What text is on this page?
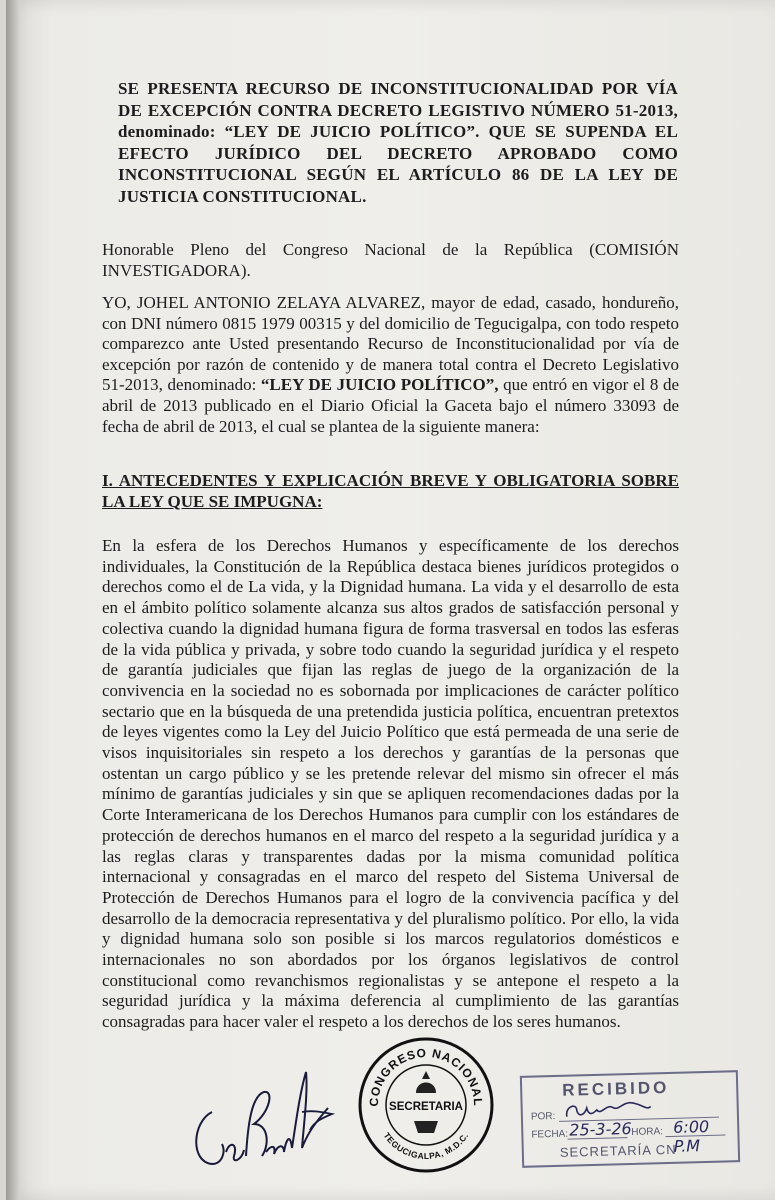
SE PRESENTA RECURSO DE INCONSTITUCIONALIDAD POR VÍA DE EXCEPCIÓN CONTRA DECRETO LEGISTIVO NÚMERO 51-2013, denominado: “LEY DE JUICIO POLÍTICO”. QUE SE SUPENDA EL EFECTO JURÍDICO DEL DECRETO APROBADO COMO INCONSTITUCIONAL SEGÚN EL ARTÍCULO 86 DE LA LEY DE JUSTICIA CONSTITUCIONAL.
Honorable Pleno del Congreso Nacional de la República (COMISIÓN INVESTIGADORA).
YO, JOHEL ANTONIO ZELAYA ALVAREZ, mayor de edad, casado, hondureño, con DNI número 0815 1979 00315 y del domicilio de Tegucigalpa, con todo respeto comparezco ante Usted presentando Recurso de Inconstitucionalidad por vía de excepción por razón de contenido y de manera total contra el Decreto Legislativo 51-2013, denominado: “LEY DE JUICIO POLÍTICO”, que entró en vigor el 8 de abril de 2013 publicado en el Diario Oficial la Gaceta bajo el número 33093 de fecha de abril de 2013, el cual se plantea de la siguiente manera:
I. ANTECEDENTES Y EXPLICACIÓN BREVE Y OBLIGATORIA SOBRE LA LEY QUE SE IMPUGNA:
En la esfera de los Derechos Humanos y específicamente de los derechos individuales, la Constitución de la República destaca bienes jurídicos protegidos o derechos como el de La vida, y la Dignidad humana. La vida y el desarrollo de esta en el ámbito político solamente alcanza sus altos grados de satisfacción personal y colectiva cuando la dignidad humana figura de forma trasversal en todos las esferas de la vida pública y privada, y sobre todo cuando la seguridad jurídica y el respeto de garantía judiciales que fijan las reglas de juego de la organización de la convivencia en la sociedad no es sobornada por implicaciones de carácter político sectario que en la búsqueda de una pretendida justicia política, encuentran pretextos de leyes vigentes como la Ley del Juicio Político que está permeada de una serie de visos inquisitoriales sin respeto a los derechos y garantías de la personas que ostentan un cargo público y se les pretende relevar del mismo sin ofrecer el más mínimo de garantías judiciales y sin que se apliquen recomendaciones dadas por la Corte Interamericana de los Derechos Humanos para cumplir con los estándares de protección de derechos humanos en el marco del respeto a la seguridad jurídica y a las reglas claras y transparentes dadas por la misma comunidad política internacional y consagradas en el marco del respeto del Sistema Universal de Protección de Derechos Humanos para el logro de la convivencia pacífica y del desarrollo de la democracia representativa y del pluralismo político. Por ello, la vida y dignidad humana solo son posible si los marcos regulatorios domésticos e internacionales no son abordados por los órganos legislativos de control constitucional como revanchismos regionalistas y se antepone el respeto a la seguridad jurídica y la máxima deferencia al cumplimiento de las garantías consagradas para hacer valer el respeto a los derechos de los seres humanos.
CONGRESO NACIONAL
TEGUCIGALPA, M.D.C.
SECRETARIA
RECIBIDO
POR:
FECHA: 25-3-26 HORA: 6:00 P.M
SECRETARÍA CN
